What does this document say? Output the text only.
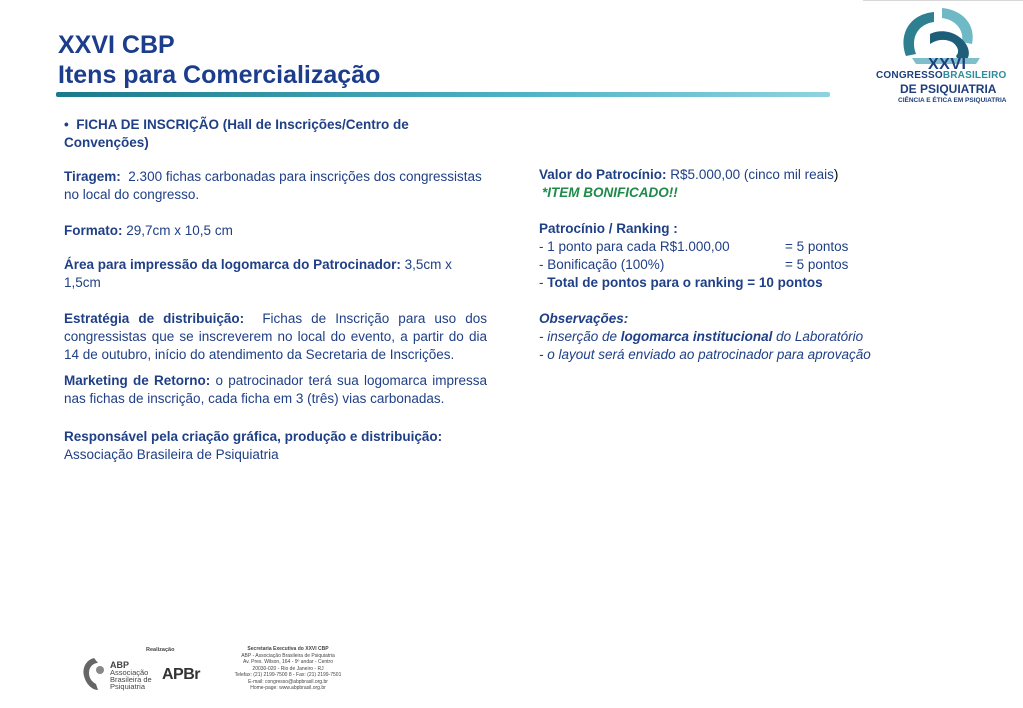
XXVI CBP
Itens para Comercialização	XXVI
CONGRESSOBRASILEIRO
DE PSIQUIATRIA
CIÊNCIA E ÉTICA EM PSIQUIATRIA

• FICHA DE INSCRIÇÃO (Hall de Inscrições/Centro de Convenções)

Tiragem: 2.300 fichas carbonadas para inscrições dos congressistas no local do congresso.

Formato: 29,7cm x 10,5 cm

Área para impressão da logomarca do Patrocinador: 3,5cm x 1,5cm

Estratégia de distribuição: Fichas de Inscrição para uso dos congressistas que se inscreverem no local do evento, a partir do dia 14 de outubro, início do atendimento da Secretaria de Inscrições.

Marketing de Retorno: o patrocinador terá sua logomarca impressa nas fichas de inscrição, cada ficha em 3 (três) vias carbonadas.

Responsável pela criação gráfica, produção e distribuição:
Associação Brasileira de Psiquiatria

Valor do Patrocínio: R$5.000,00 (cinco mil reais)

*ITEM BONIFICADO!!

Patrocínio / Ranking :

- 1 ponto para cada R$1.000,00	= 5 pontos

- Bonificação (100%)	= 5 pontos

- Total de pontos para o ranking = 10 pontos

Observações:

- inserção de logomarca institucional do Laboratório

- o layout será enviado ao patrocinador para aprovação

Realização
ABP
Associação
Brasileira de
Psiquiatria
APBr
Secretaria Executiva do XXVI CBP
ABP - Associação Brasileira de Psiquiatria
Av. Pres. Wilson, 164 - 9º andar - Centro
20030-020 - Rio de Janeiro - RJ
Telefax: (21) 2199-7500 8 - Fax: (21) 2199-7501
E-mail: congresso@abpbrasil.org.br
Home-page: www.abpbrasil.org.br
